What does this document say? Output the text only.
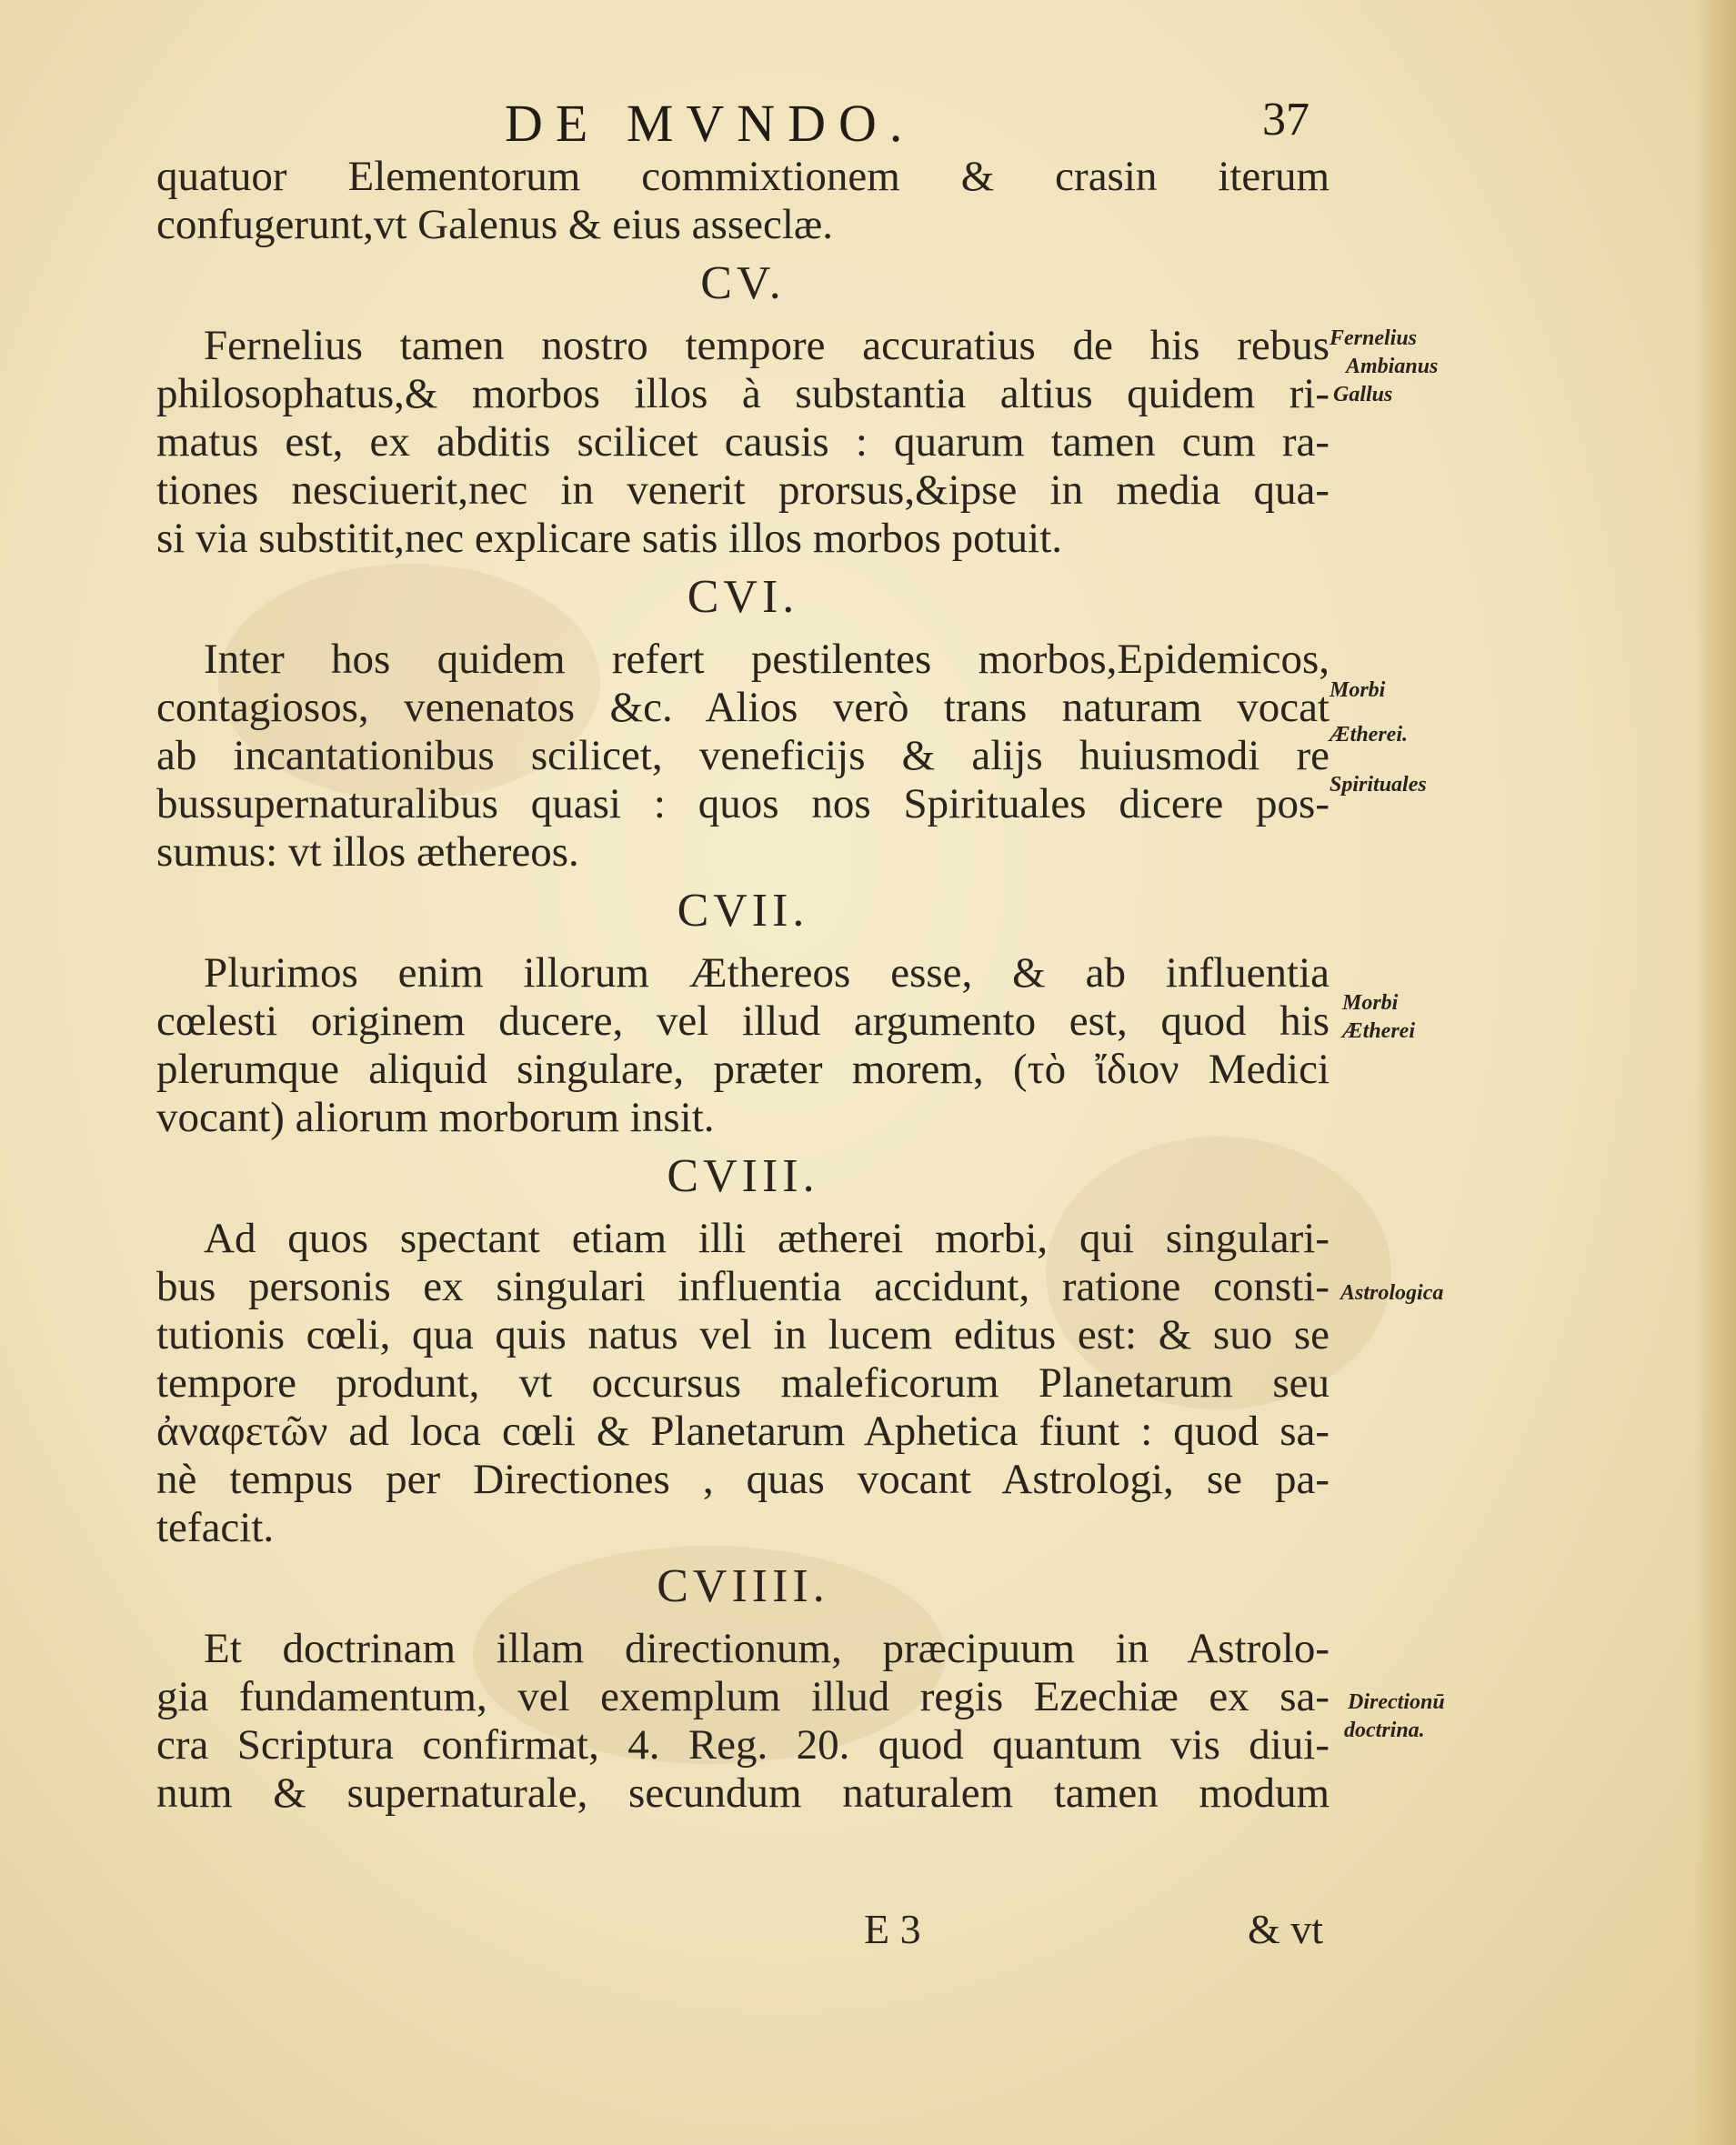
DE MVNDO.	37
quatuor Elementorum commixtionem & crasin iterum
confugerunt,vt Galenus & eius asseclæ.
CV.
Fernelius tamen nostro tempore accuratius de his rebus
philosophatus,& morbos illos à substantia altius quidem ri-
matus est, ex abditis scilicet causis : quarum tamen cum ra-
tiones nesciuerit,nec in venerit prorsus,&ipse in media qua-
si via substitit,nec explicare satis illos morbos potuit.
CVI.
Inter hos quidem refert pestilentes morbos,Epidemicos,
contagiosos, venenatos &c. Alios verò trans naturam vocat
ab incantationibus scilicet, veneficijs & alijs huiusmodi re
bussupernaturalibus quasi : quos nos Spirituales dicere pos-
sumus: vt illos æthereos.
CVII.
Plurimos enim illorum Æthereos esse, & ab influentia
cœlesti originem ducere, vel illud argumento est, quod his
plerumque aliquid singulare, præter morem, (τὸ ἴδιον Medici
vocant) aliorum morborum insit.
CVIII.
Ad quos spectant etiam illi ætherei morbi, qui singulari-
bus personis ex singulari influentia accidunt, ratione consti-
tutionis cœli, qua quis natus vel in lucem editus est: & suo se
tempore produnt, vt occursus maleficorum Planetarum seu
ἀναφετῶν ad loca cœli & Planetarum Aphetica fiunt : quod sa-
nè tempus per Directiones , quas vocant Astrologi, se pa-
tefacit.
CVIIII.
Et doctrinam illam directionum, præcipuum in Astrolo-
gia fundamentum, vel exemplum illud regis Ezechiæ ex sa-
cra Scriptura confirmat, 4. Reg. 20. quod quantum vis diui-
num & supernaturale, secundum naturalem tamen modum
Fernelius
Ambianus
Gallus
Morbi
Ætherei.
Spirituales
Morbi
Ætherei
Astrologica
Directionū
doctrina.
E 3	& vt
